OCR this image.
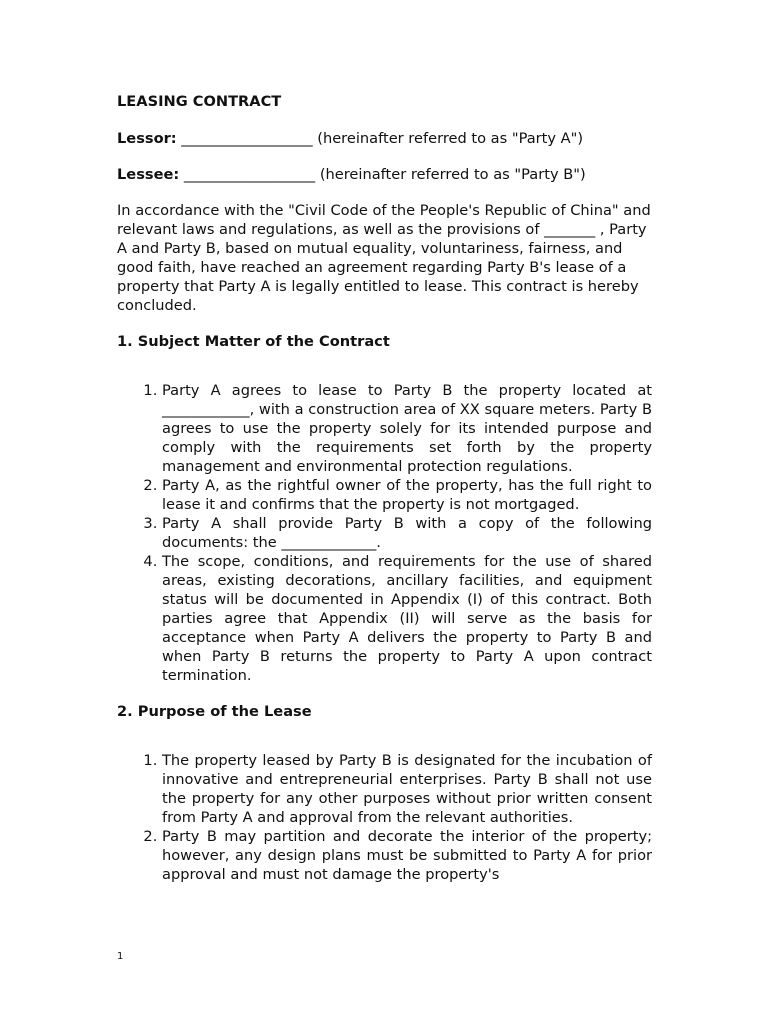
LEASING CONTRACT
Lessor: __________________ (hereinafter referred to as "Party A")
Lessee: __________________ (hereinafter referred to as "Party B")

In accordance with the "Civil Code of the People's Republic of China" and relevant laws and regulations, as well as the provisions of _______ , Party A and Party B, based on mutual equality, voluntariness, fairness, and good faith, have reached an agreement regarding Party B's lease of a property that Party A is legally entitled to lease. This contract is hereby concluded.

1. Subject Matter of the Contract
1. Party A agrees to lease to Party B the property located at ____________, with a construction area of XX square meters. Party B agrees to use the property solely for its intended purpose and comply with the requirements set forth by the property management and environmental protection regulations.
2. Party A, as the rightful owner of the property, has the full right to lease it and confirms that the property is not mortgaged.
3. Party A shall provide Party B with a copy of the following documents: the _____________.
4. The scope, conditions, and requirements for the use of shared areas, existing decorations, ancillary facilities, and equipment status will be documented in Appendix (I) of this contract. Both parties agree that Appendix (II) will serve as the basis for acceptance when Party A delivers the property to Party B and when Party B returns the property to Party A upon contract termination.
2. Purpose of the Lease
1. The property leased by Party B is designated for the incubation of innovative and entrepreneurial enterprises. Party B shall not use the property for any other purposes without prior written consent from Party A and approval from the relevant authorities.
2. Party B may partition and decorate the interior of the property; however, any design plans must be submitted to Party A for prior approval and must not damage the property's
1
